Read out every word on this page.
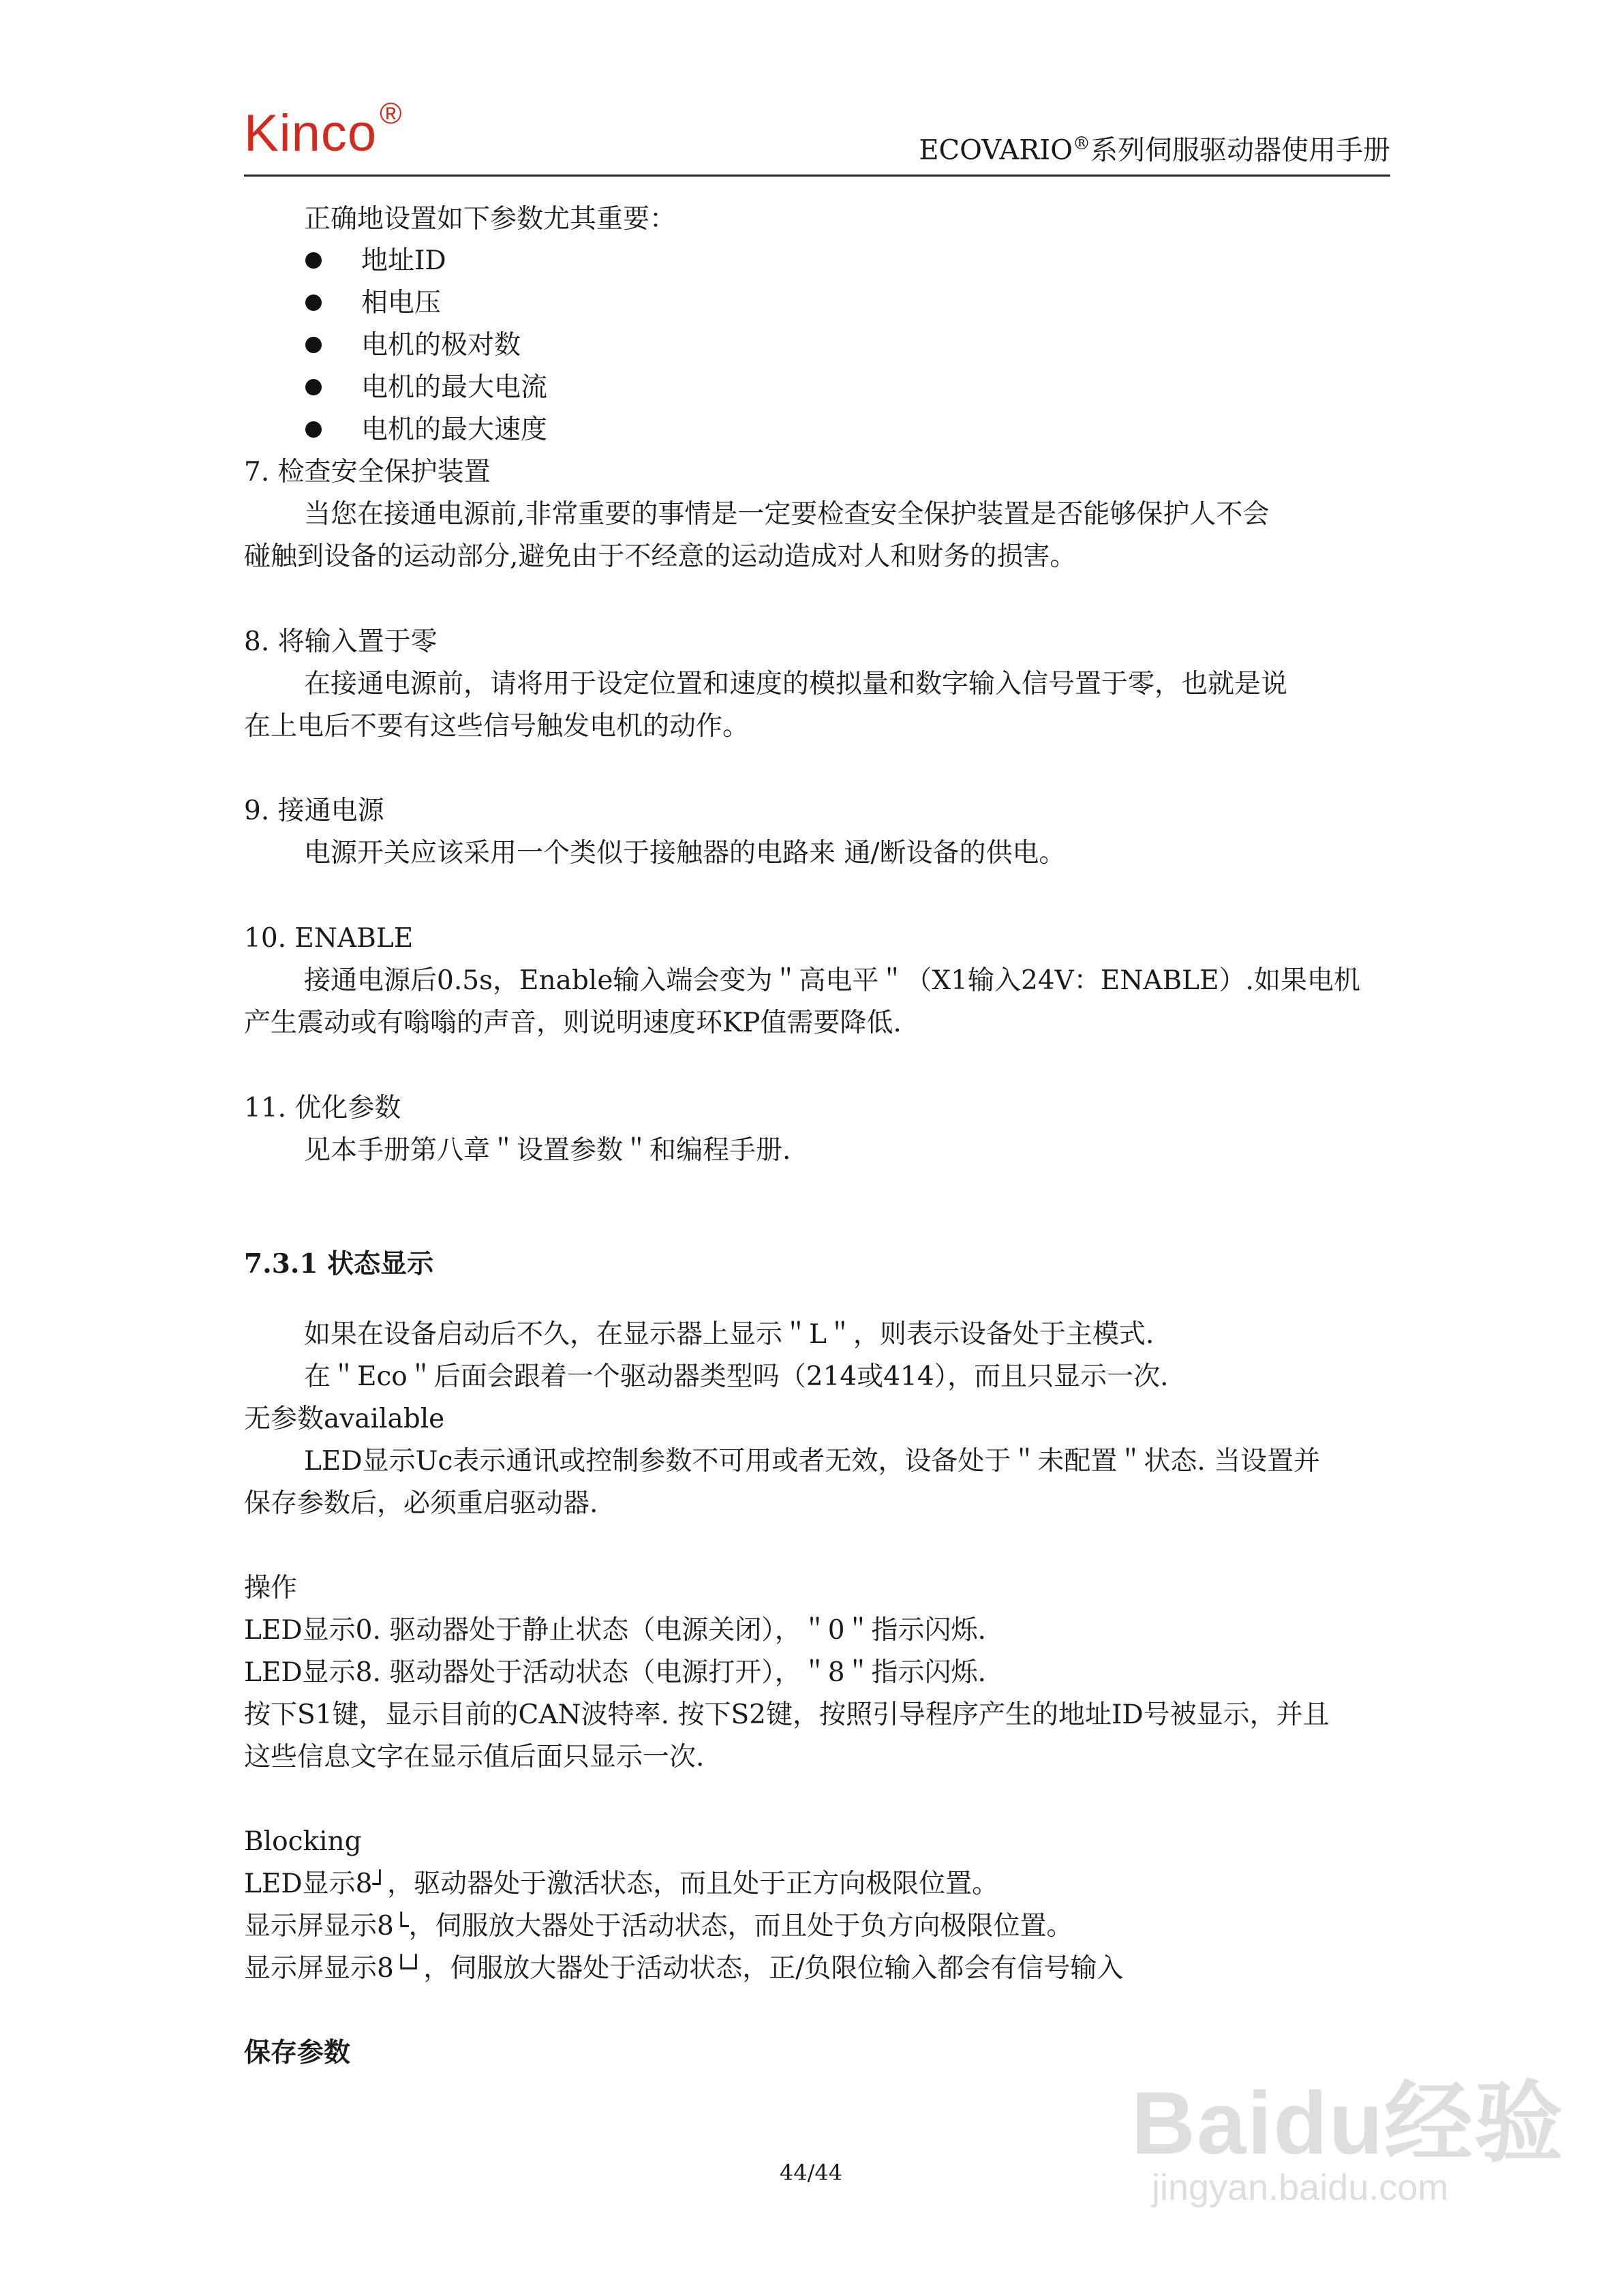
Kinco®
ECOVARIO®系列伺服驱动器使用手册
正确地设置如下参数尤其重要：
地址ID
相电压
电机的极对数
电机的最大电流
电机的最大速度
7. 检查安全保护装置
当您在接通电源前,非常重要的事情是一定要检查安全保护装置是否能够保护人不会
碰触到设备的运动部分,避免由于不经意的运动造成对人和财务的损害。
8. 将输入置于零
在接通电源前，请将用于设定位置和速度的模拟量和数字输入信号置于零，也就是说
在上电后不要有这些信号触发电机的动作。
9. 接通电源
电源开关应该采用一个类似于接触器的电路来 通/断设备的供电。
10. ENABLE
接通电源后0.5s，Enable输入端会变为＂高电平＂（X1输入24V：ENABLE）.如果电机
产生震动或有嗡嗡的声音，则说明速度环KP值需要降低.
11. 优化参数
见本手册第八章＂设置参数＂和编程手册.
7.3.1 状态显示
如果在设备启动后不久，在显示器上显示＂L＂，则表示设备处于主模式.
在＂Eco＂后面会跟着一个驱动器类型吗（214或414），而且只显示一次.
无参数available
LED显示Uc表示通讯或控制参数不可用或者无效，设备处于＂未配置＂状态. 当设置并
保存参数后，必须重启驱动器.
操作
LED显示0. 驱动器处于静止状态（电源关闭），＂0＂指示闪烁.
LED显示8. 驱动器处于活动状态（电源打开），＂8＂指示闪烁.
按下S1键，显示目前的CAN波特率. 按下S2键，按照引导程序产生的地址ID号被显示，并且
这些信息文字在显示值后面只显示一次.
Blocking
LED显示8┘，驱动器处于激活状态，而且处于正方向极限位置。
显示屏显示8└，伺服放大器处于活动状态，而且处于负方向极限位置。
显示屏显示8└┘，伺服放大器处于活动状态，正/负限位输入都会有信号输入
保存参数
44/44	Baidu经验
jingyan.baidu.com
